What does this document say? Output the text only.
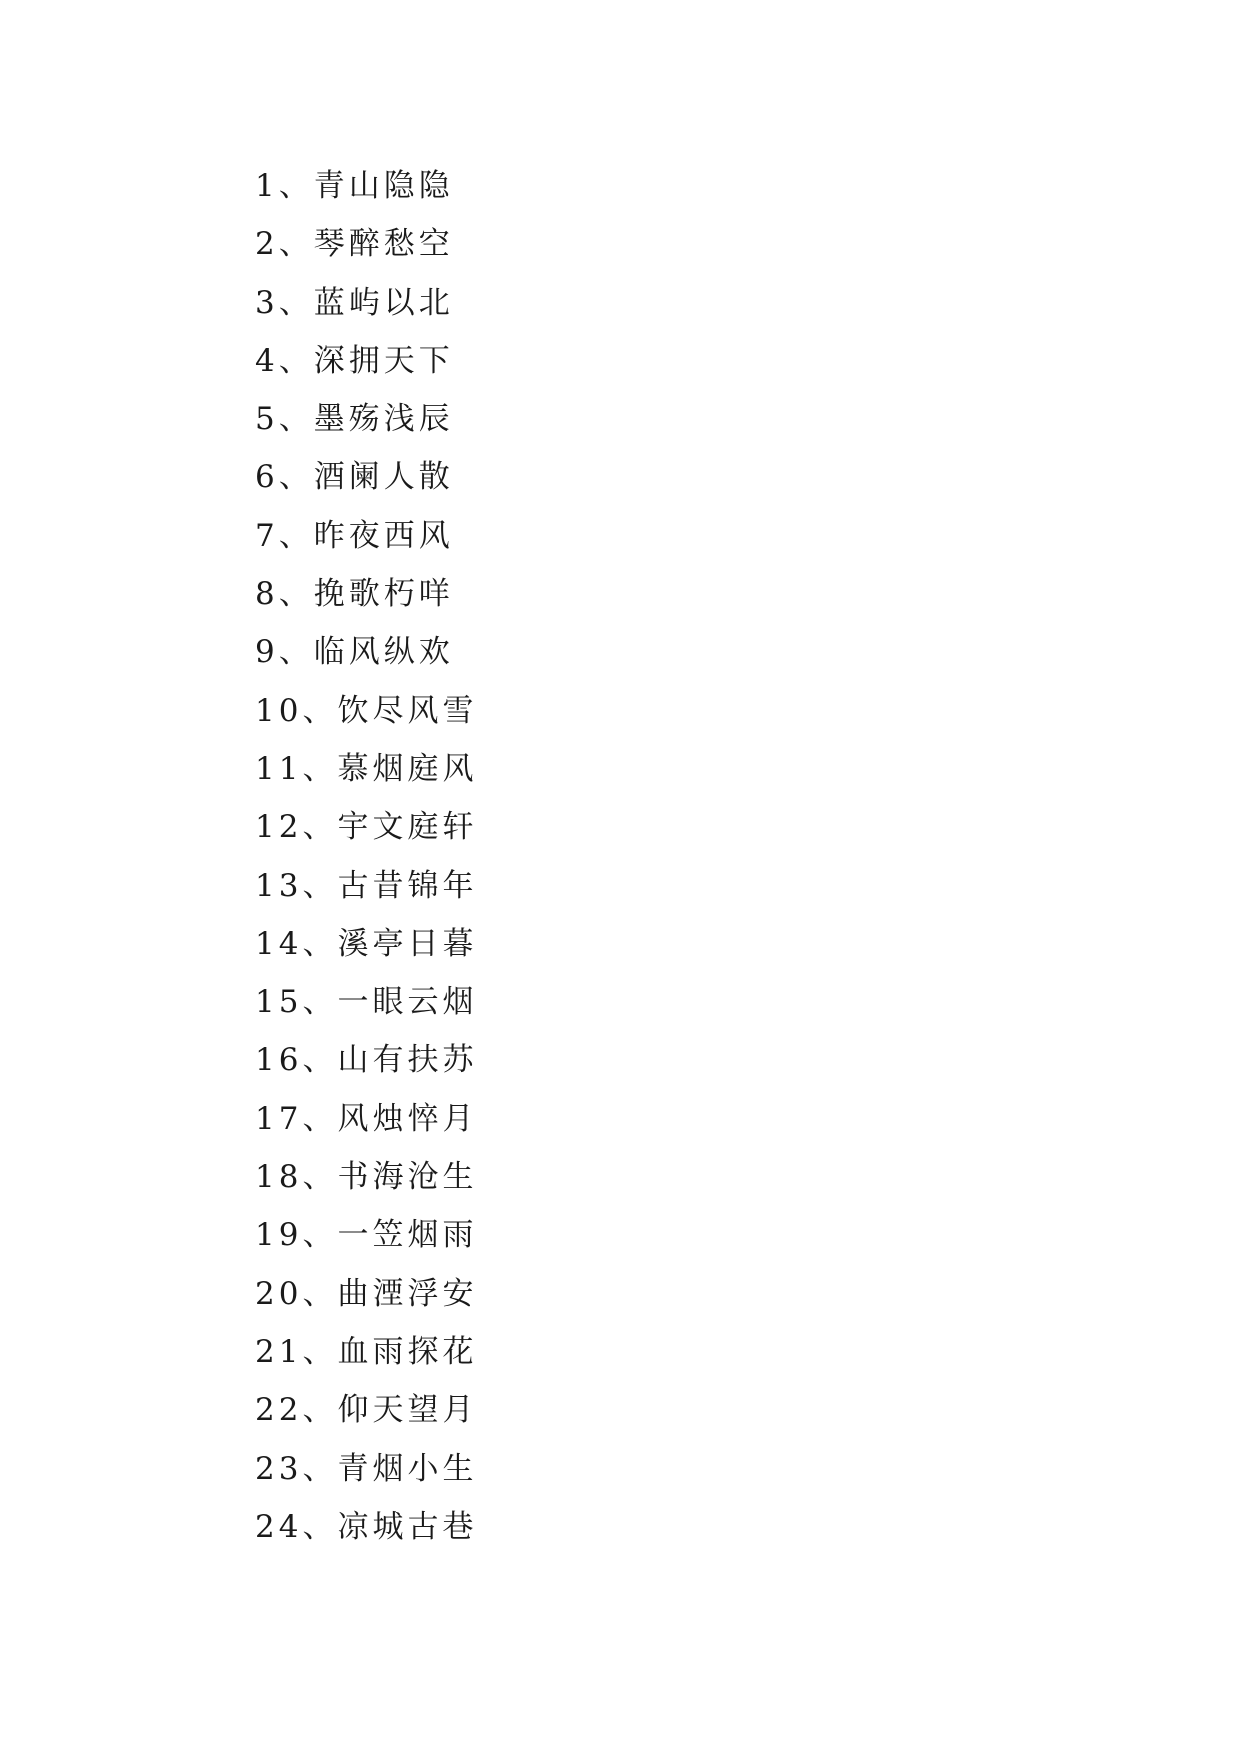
1、青山隐隐
2、琴醉愁空
3、蓝屿以北
4、深拥天下
5、墨殇浅辰
6、酒阑人散
7、昨夜西风
8、挽歌朽咩
9、临风纵欢
10、饮尽风雪
11、慕烟庭风
12、宇文庭轩
13、古昔锦年
14、溪亭日暮
15、一眼云烟
16、山有扶苏
17、风烛悴月
18、书海沧生
19、一笠烟雨
20、曲湮浮安
21、血雨探花
22、仰天望月
23、青烟小生
24、凉城古巷
